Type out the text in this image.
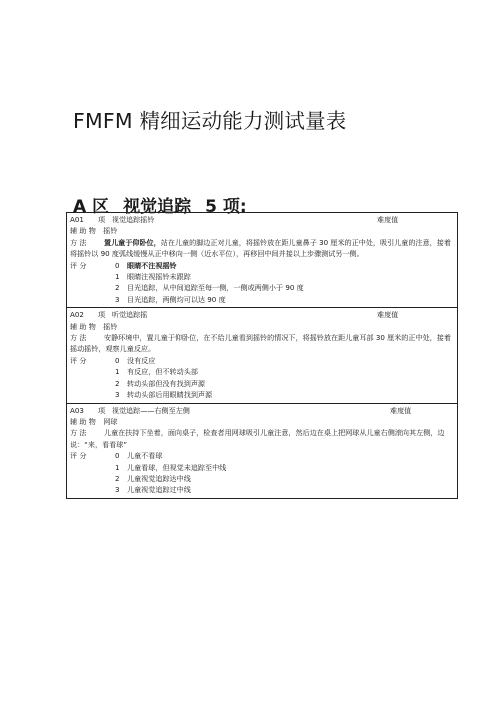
FMFM 精细运动能力测试量表
A 区 视觉追踪 5 项:
A01	项 视觉追踪摇铃	难度值
辅 助 物 摇铃
方 法 置儿童于仰卧位，站在儿童的脚边正对儿童，将摇铃放在距儿童鼻子 30 厘米的正中处，吸引儿童的注意，接着将摇铃以 90 度弧线缓慢从正中移向一侧（近水平位），再移回中间并接以上步骤测试另一侧。
评 分	0	眼睛不注视摇铃
1	眼睛注视摇铃未跟踪
2	目光追踪，从中间追踪至每一侧，一侧或两侧小于 90 度
3	目光追踪，两侧均可以达 90 度
A02	项 听觉追踪摇	难度值
辅 助 物 摇铃
方 法 安静环境中，置儿童于仰卧位，在不给儿童看到摇铃的情况下，将摇铃放在距儿童耳部 30 厘米的正中处，接着摇动摇铃，观察儿童反应。
评 分	0	没有反应
1	有反应，但不转动头部
2	转动头部但没有找到声源
3	转动头部后用眼睛找到声源
A03	项 视觉追踪——右侧至左侧	难度值
辅 助 物 网球
方 法 儿童在扶持下坐着，面向桌子，检查者用网球吸引儿童注意，然后边在桌上把网球从儿童右侧滚向其左侧，边说：“来，看看球”
评 分	0	儿童不看球
1	儿童看球，但视觉未追踪至中线
2	儿童视觉追踪达中线
3	儿童视觉追踪过中线
